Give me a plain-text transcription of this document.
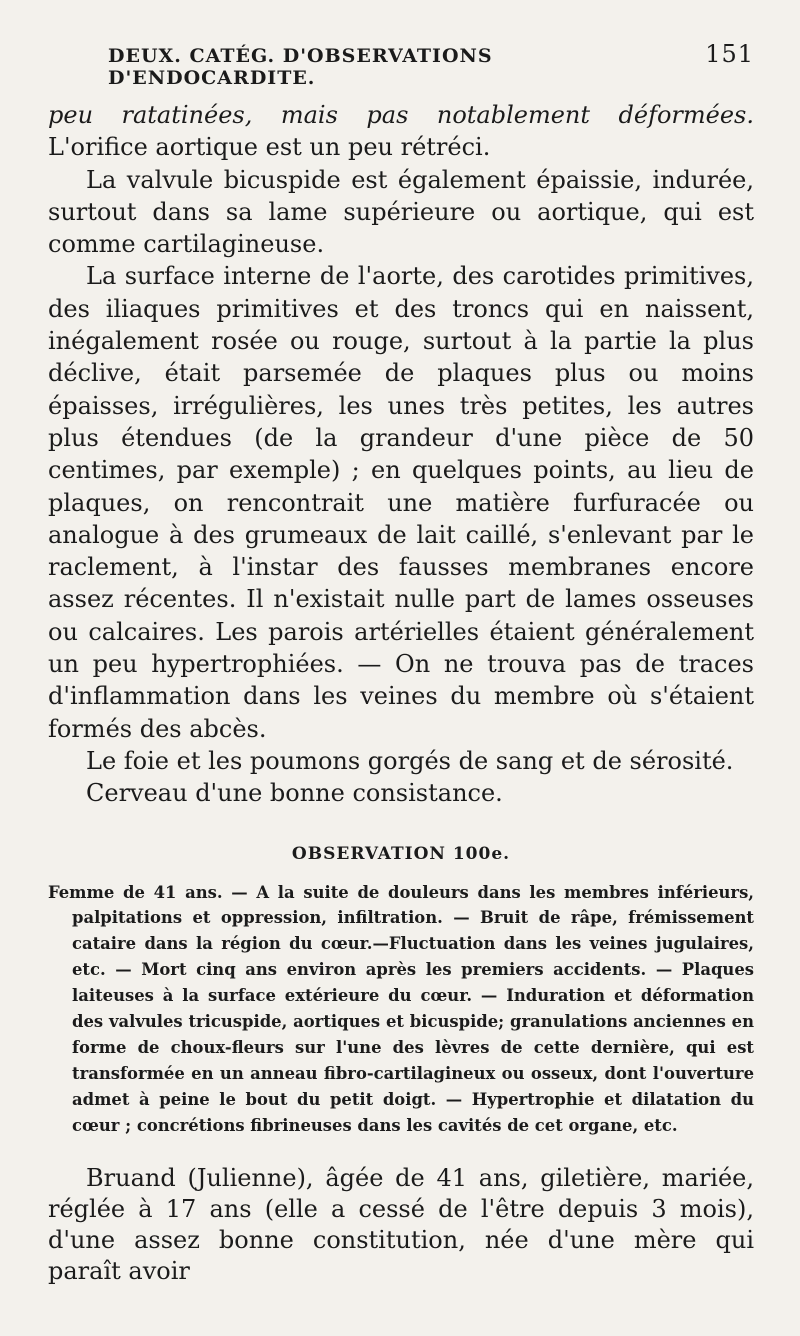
DEUX. CATÉG. D'OBSERVATIONS D'ENDOCARDITE.
151

peu ratatinées, mais pas notablement déformées. L'orifice aortique est un peu rétréci.

La valvule bicuspide est également épaissie, indurée, surtout dans sa lame supérieure ou aortique, qui est comme cartilagineuse.

La surface interne de l'aorte, des carotides primitives, des iliaques primitives et des troncs qui en naissent, inégalement rosée ou rouge, surtout à la partie la plus déclive, était parsemée de plaques plus ou moins épaisses, irrégulières, les unes très petites, les autres plus étendues (de la grandeur d'une pièce de 50 centimes, par exemple) ; en quelques points, au lieu de plaques, on rencontrait une matière furfuracée ou analogue à des grumeaux de lait caillé, s'enlevant par le raclement, à l'instar des fausses membranes encore assez récentes. Il n'existait nulle part de lames osseuses ou calcaires. Les parois artérielles étaient généralement un peu hypertrophiées. — On ne trouva pas de traces d'inflammation dans les veines du membre où s'étaient formés des abcès.

Le foie et les poumons gorgés de sang et de sérosité.

Cerveau d'une bonne consistance.

OBSERVATION 100e.

Femme de 41 ans. — A la suite de douleurs dans les membres inférieurs, palpitations et oppression, infiltration. — Bruit de râpe, frémissement cataire dans la région du cœur.—Fluctuation dans les veines jugulaires, etc. — Mort cinq ans environ après les premiers accidents. — Plaques laiteuses à la surface extérieure du cœur. — Induration et déformation des valvules tricuspide, aortiques et bicuspide; granulations anciennes en forme de choux-fleurs sur l'une des lèvres de cette dernière, qui est transformée en un anneau fibro-cartilagineux ou osseux, dont l'ouverture admet à peine le bout du petit doigt. — Hypertrophie et dilatation du cœur ; concrétions fibrineuses dans les cavités de cet organe, etc.

Bruand (Julienne), âgée de 41 ans, giletière, mariée, réglée à 17 ans (elle a cessé de l'être depuis 3 mois), d'une assez bonne constitution, née d'une mère qui paraît avoir
